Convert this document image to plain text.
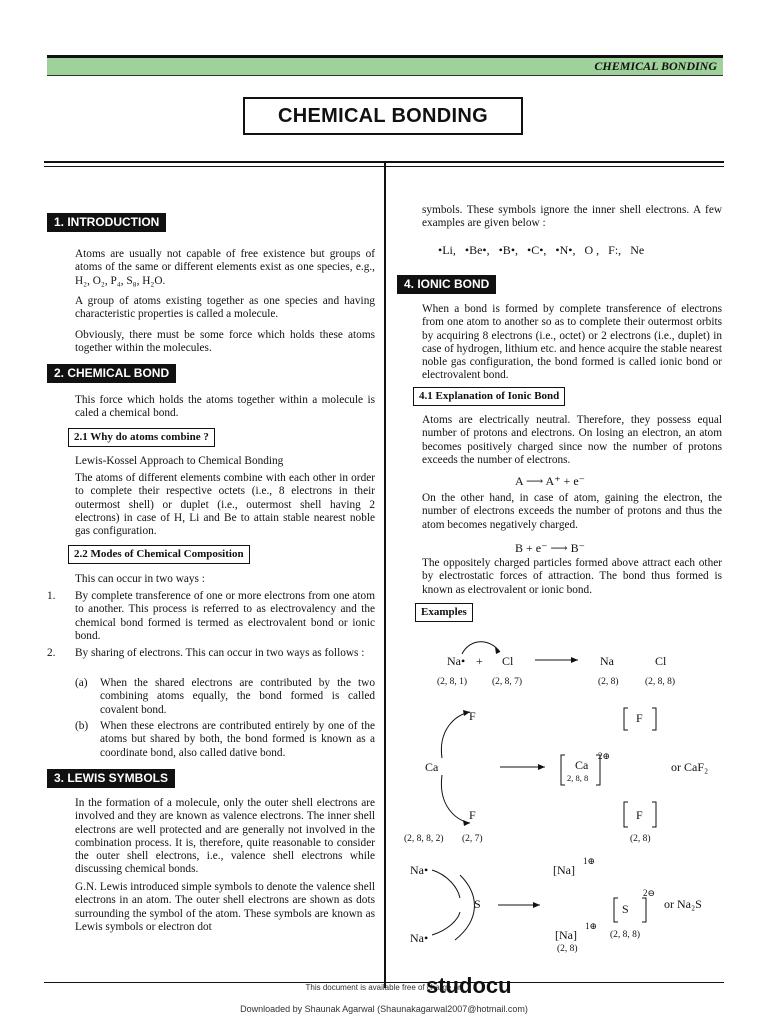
CHEMICAL BONDING
CHEMICAL BONDING
1. INTRODUCTION
Atoms are usually not capable of free existence but groups of atoms of the same or different elements exist as one species, e.g., H₂, O₂, P₄, S₈, H₂O.
A group of atoms existing together as one species and having characteristic properties is called a molecule.
Obviously, there must be some force which holds these atoms together within the molecules.
2. CHEMICAL BOND
This force which holds the atoms together within a molecule is caled a chemical bond.
2.1 Why do atoms combine ?
Lewis-Kossel Approach to Chemical Bonding
The atoms of different elements combine with each other in order to complete their respective octets (i.e., 8 electrons in their outermost shell) or duplet (i.e., outermost shell having 2 electrons) in case of H, Li and Be to attain stable nearest noble gas configuration.
2.2 Modes of Chemical Composition
This can occur in two ways :
1. By complete transference of one or more electrons from one atom to another. This process is referred to as electrovalency and the chemical bond formed is termed as electrovalent bond or ionic bond.
2. By sharing of electrons. This can occur in two ways as follows :
(a) When the shared electrons are contributed by the two combining atoms equally, the bond formed is called covalent bond.
(b) When these electrons are contributed entirely by one of the atoms but shared by both, the bond formed is known as a coordinate bond, also called dative bond.
3. LEWIS SYMBOLS
In the formation of a molecule, only the outer shell electrons are involved and they are known as valence electrons. The inner shell electrons are well protected and are generally not involved in the combination process. It is, therefore, quite reasonable to consider the outer shell electrons, i.e., valence shell electrons while discussing chemical bonds.
G.N. Lewis introduced simple symbols to denote the valence shell electrons in an atom. The outer shell electrons are shown as dots surrounding the symbol of the atom. These symbols are known as Lewis symbols or electron dot
symbols. These symbols ignore the inner shell electrons. A few examples are given below :
•Li, •Be•, •B•, •C•, •N•, O , F:, Ne
4. IONIC BOND
When a bond is formed by complete transference of electrons from one atom to another so as to complete their outermost orbits by acquiring 8 electrons (i.e., octet) or 2 electrons (i.e., duplet) in case of hydrogen, lithium etc. and hence acquire the stable nearest noble gas configuration, the bond formed is called ionic bond or electrovalent bond.
4.1 Explanation of Ionic Bond
Atoms are electrically neutral. Therefore, they possess equal number of protons and electrons. On losing an electron, an atom becomes positively charged since now the number of protons exceeds the number of electrons.
A ⟶ A⁺ + e⁻
On the other hand, in case of atom, gaining the electron, the number of electrons exceeds the number of protons and thus the atom becomes negatively charged.
B + e⁻ ⟶ B⁻
The oppositely charged particles formed above attract each other by electrostatic forces of attraction. The bond thus formed is known as electrovalent or ionic bond.
Examples
Na• + Cl	Na	Cl
(2, 8, 1)	(2, 8, 7)	(2, 8)	(2, 8, 8)
F	F
Ca	Ca
2⊕
2, 8, 8
or CaF₂
F	F
(2, 8, 8, 2) (2, 7)	(2, 8)
Na•	[Na]
1⊕
S	S
2⊖
or Na₂S
Na•	[Na]
1⊕
(2, 8, 8)
(2, 8)
This document is available free of charge on
studocu
Downloaded by Shaunak Agarwal (Shaunakagarwal2007@hotmail.com)
